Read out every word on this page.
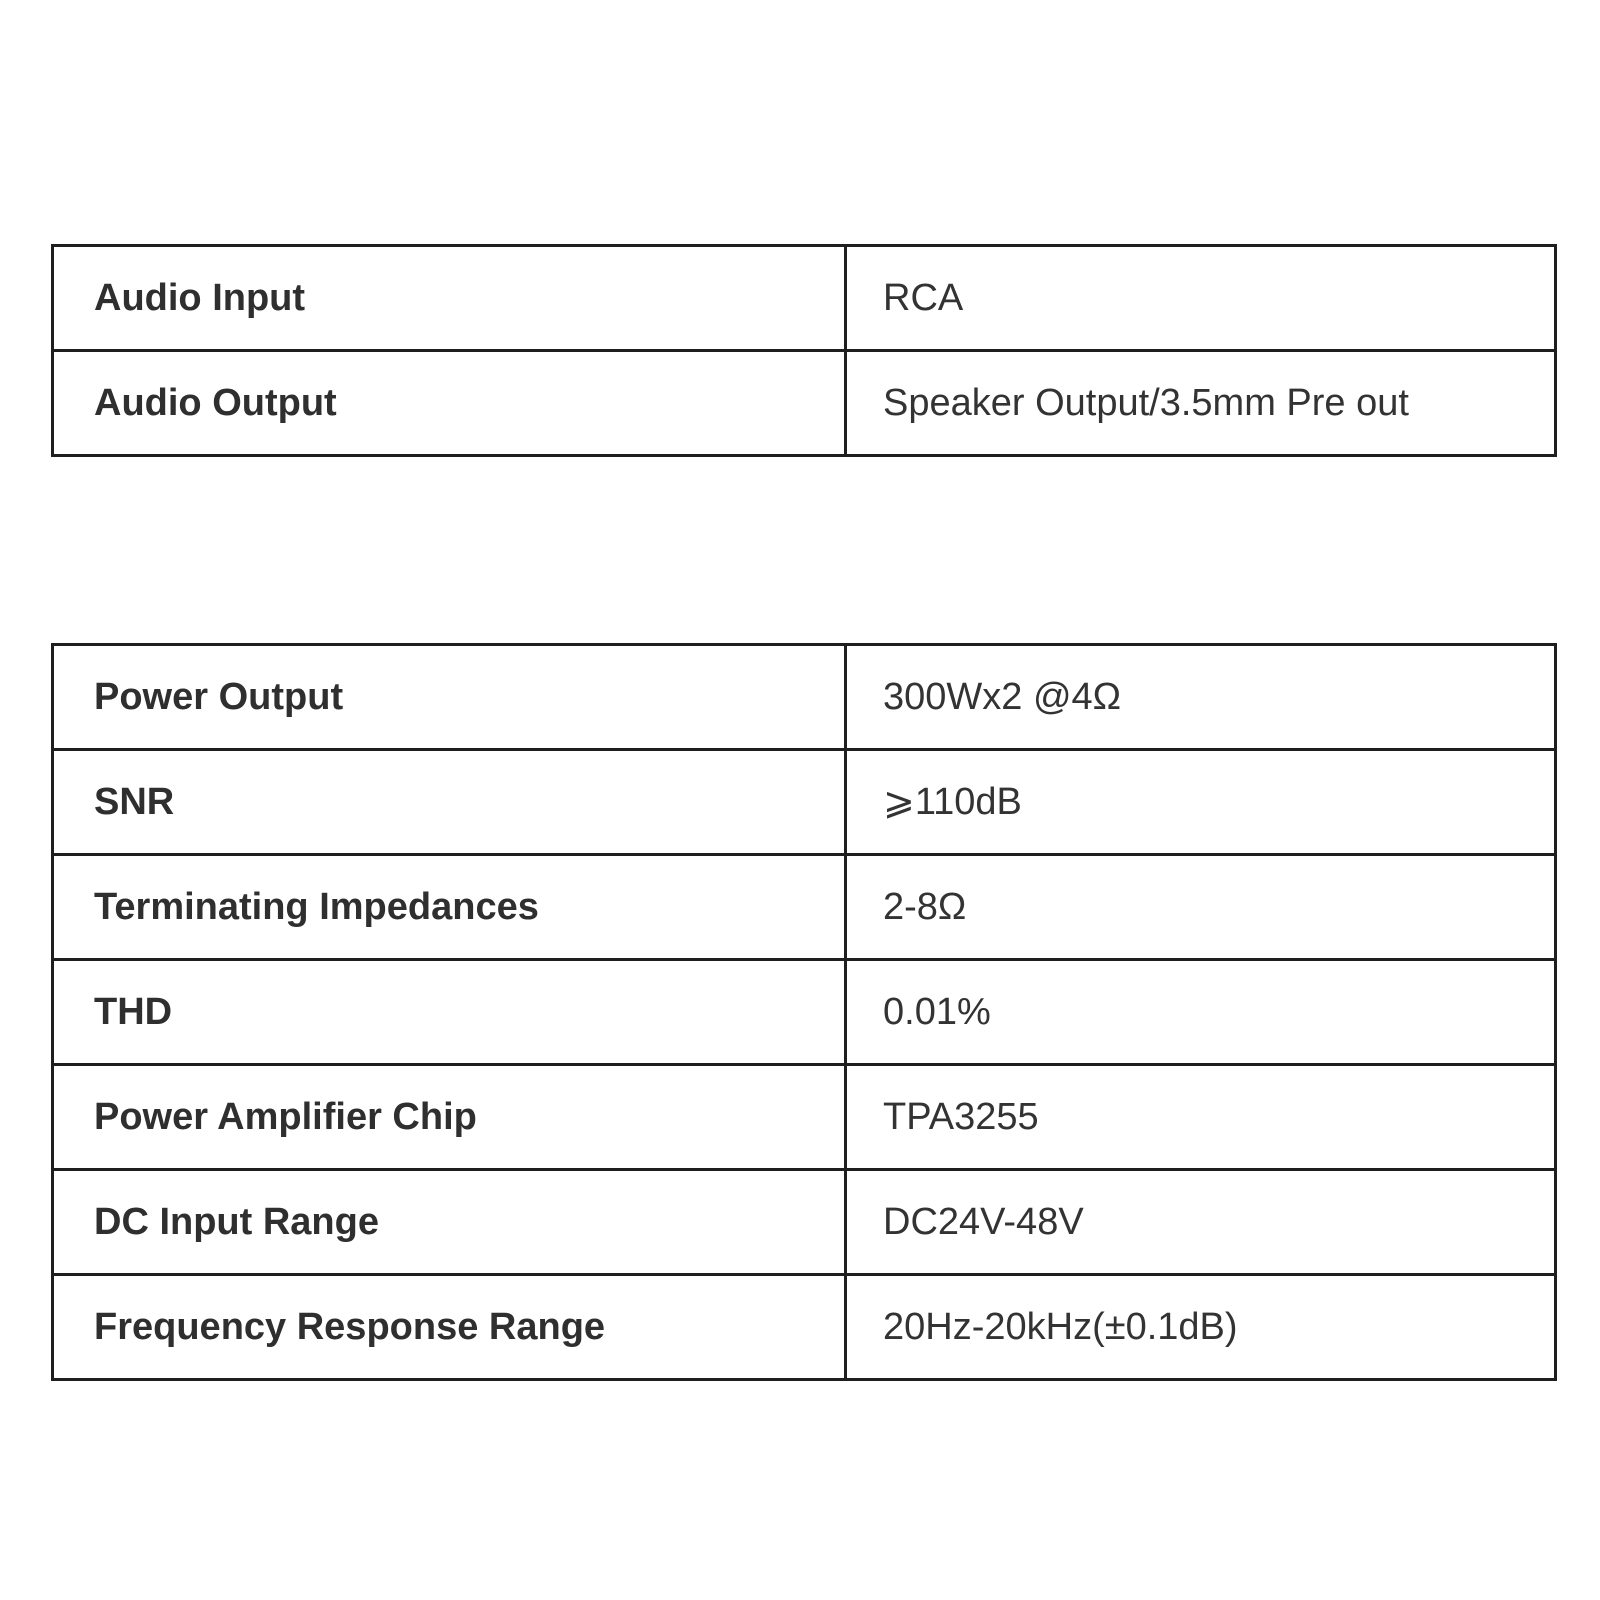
Audio Input	RCA
Audio Output	Speaker Output/3.5mm Pre out
Power Output	300Wx2 @4Ω
SNR	⩾110dB
Terminating Impedances	2-8Ω
THD	0.01%
Power Amplifier Chip	TPA3255
DC Input Range	DC24V-48V
Frequency Response Range	20Hz-20kHz(±0.1dB)
